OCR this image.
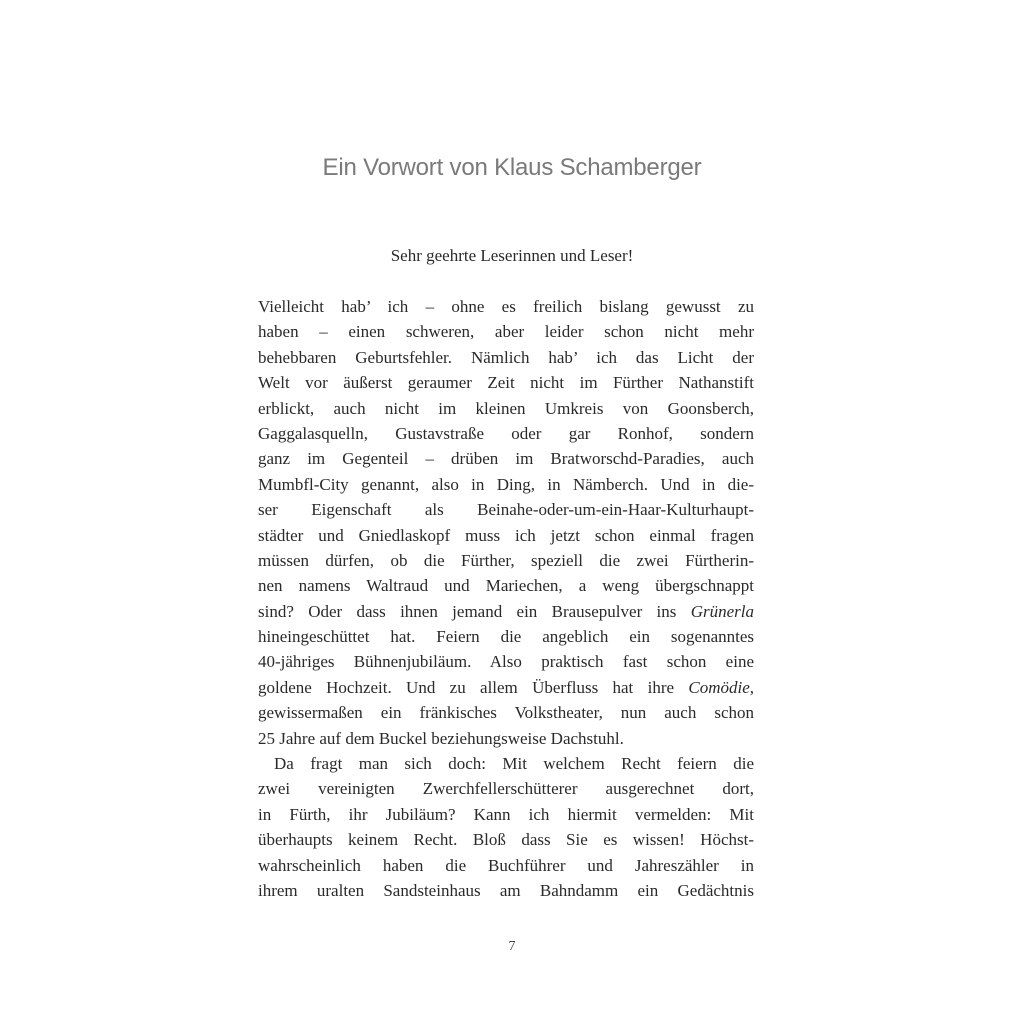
Ein Vorwort von Klaus Schamberger

Sehr geehrte Leserinnen und Leser!

Vielleicht hab’ ich – ohne es freilich bislang gewusst zu
haben – einen schweren, aber leider schon nicht mehr
behebbaren Geburtsfehler. Nämlich hab’ ich das Licht der
Welt vor äußerst geraumer Zeit nicht im Fürther Nathanstift
erblickt, auch nicht im kleinen Umkreis von Goonsberch,
Gaggalasquelln, Gustavstraße oder gar Ronhof, sondern
ganz im Gegenteil – drüben im Bratworschd-Paradies, auch
Mumbfl-City genannt, also in Ding, in Nämberch. Und in die-
ser Eigenschaft als Beinahe-oder-um-ein-Haar-Kulturhaupt-
städter und Gniedlaskopf muss ich jetzt schon einmal fragen
müssen dürfen, ob die Fürther, speziell die zwei Fürtherin-
nen namens Waltraud und Mariechen, a weng übergschnappt
sind? Oder dass ihnen jemand ein Brausepulver ins Grünerla
hineingeschüttet hat. Feiern die angeblich ein sogenanntes
40-jähriges Bühnenjubiläum. Also praktisch fast schon eine
goldene Hochzeit. Und zu allem Überfluss hat ihre Comödie,
gewissermaßen ein fränkisches Volkstheater, nun auch schon
25 Jahre auf dem Buckel beziehungsweise Dachstuhl.
Da fragt man sich doch: Mit welchem Recht feiern die
zwei vereinigten Zwerchfellerschütterer ausgerechnet dort,
in Fürth, ihr Jubiläum? Kann ich hiermit vermelden: Mit
überhaupts keinem Recht. Bloß dass Sie es wissen! Höchst-
wahrscheinlich haben die Buchführer und Jahreszähler in
ihrem uralten Sandsteinhaus am Bahndamm ein Gedächtnis
7
